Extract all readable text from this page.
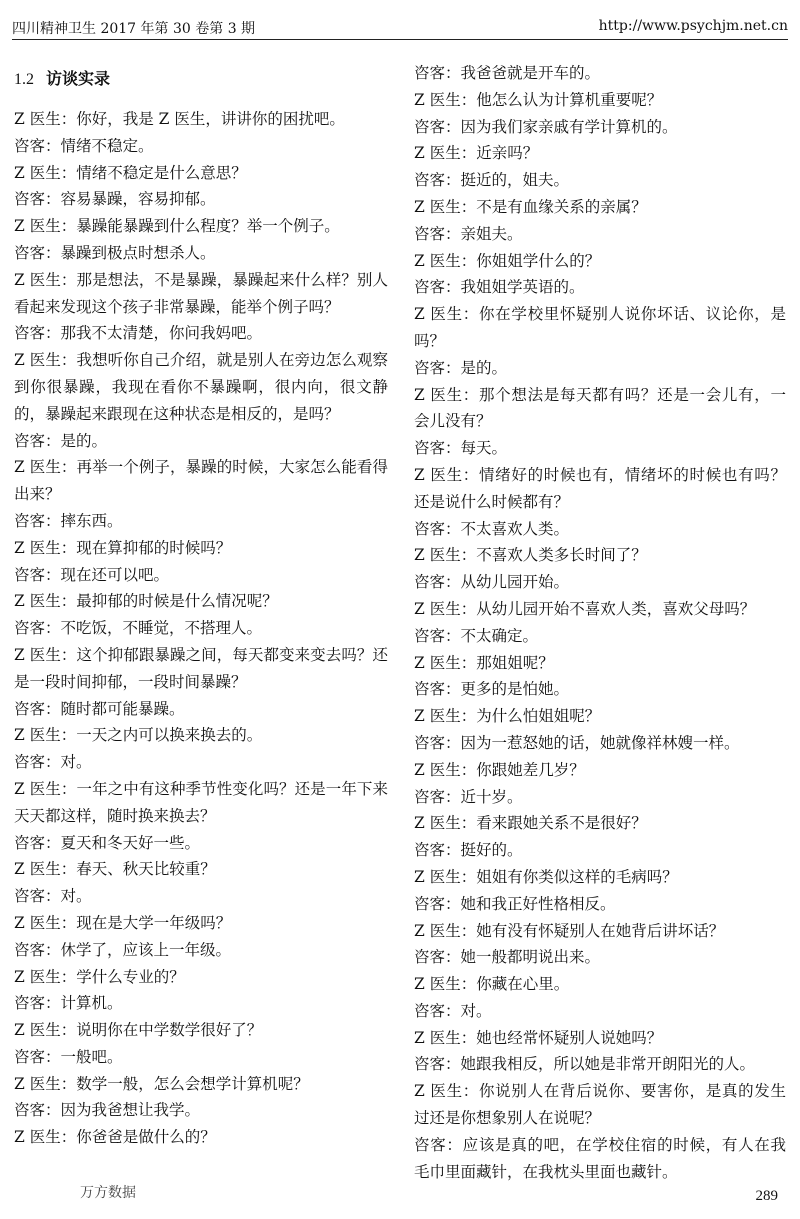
四川精神卫生 2017 年第 30 卷第 3 期	http://www.psychjm.net.cn
1.2 访谈实录
Z 医生：你好，我是 Z 医生，讲讲你的困扰吧。
咨客：情绪不稳定。
Z 医生：情绪不稳定是什么意思？
咨客：容易暴躁，容易抑郁。
Z 医生：暴躁能暴躁到什么程度？举一个例子。
咨客：暴躁到极点时想杀人。
Z 医生：那是想法，不是暴躁，暴躁起来什么样？别人看起来发现这个孩子非常暴躁，能举个例子吗？
咨客：那我不太清楚，你问我妈吧。
Z 医生：我想听你自己介绍，就是别人在旁边怎么观察到你很暴躁，我现在看你不暴躁啊，很内向，很文静的，暴躁起来跟现在这种状态是相反的，是吗？
咨客：是的。
Z 医生：再举一个例子，暴躁的时候，大家怎么能看得出来？
咨客：摔东西。
Z 医生：现在算抑郁的时候吗？
咨客：现在还可以吧。
Z 医生：最抑郁的时候是什么情况呢？
咨客：不吃饭，不睡觉，不搭理人。
Z 医生：这个抑郁跟暴躁之间，每天都变来变去吗？还是一段时间抑郁，一段时间暴躁？
咨客：随时都可能暴躁。
Z 医生：一天之内可以换来换去的。
咨客：对。
Z 医生：一年之中有这种季节性变化吗？还是一年下来天天都这样，随时换来换去？
咨客：夏天和冬天好一些。
Z 医生：春天、秋天比较重？
咨客：对。
Z 医生：现在是大学一年级吗？
咨客：休学了，应该上一年级。
Z 医生：学什么专业的？
咨客：计算机。
Z 医生：说明你在中学数学很好了？
咨客：一般吧。
Z 医生：数学一般，怎么会想学计算机呢？
咨客：因为我爸想让我学。
Z 医生：你爸爸是做什么的？
咨客：我爸爸就是开车的。
Z 医生：他怎么认为计算机重要呢？
咨客：因为我们家亲戚有学计算机的。
Z 医生：近亲吗？
咨客：挺近的，姐夫。
Z 医生：不是有血缘关系的亲属？
咨客：亲姐夫。
Z 医生：你姐姐学什么的？
咨客：我姐姐学英语的。
Z 医生：你在学校里怀疑别人说你坏话、议论你，是吗？
咨客：是的。
Z 医生：那个想法是每天都有吗？还是一会儿有，一会儿没有？
咨客：每天。
Z 医生：情绪好的时候也有，情绪坏的时候也有吗？还是说什么时候都有？
咨客：不太喜欢人类。
Z 医生：不喜欢人类多长时间了？
咨客：从幼儿园开始。
Z 医生：从幼儿园开始不喜欢人类，喜欢父母吗？
咨客：不太确定。
Z 医生：那姐姐呢？
咨客：更多的是怕她。
Z 医生：为什么怕姐姐呢？
咨客：因为一惹怒她的话，她就像祥林嫂一样。
Z 医生：你跟她差几岁？
咨客：近十岁。
Z 医生：看来跟她关系不是很好？
咨客：挺好的。
Z 医生：姐姐有你类似这样的毛病吗？
咨客：她和我正好性格相反。
Z 医生：她有没有怀疑别人在她背后讲坏话？
咨客：她一般都明说出来。
Z 医生：你藏在心里。
咨客：对。
Z 医生：她也经常怀疑别人说她吗？
咨客：她跟我相反，所以她是非常开朗阳光的人。
Z 医生：你说别人在背后说你、要害你，是真的发生过还是你想象别人在说呢？
咨客：应该是真的吧，在学校住宿的时候，有人在我毛巾里面藏针，在我枕头里面也藏针。
万方数据	289
